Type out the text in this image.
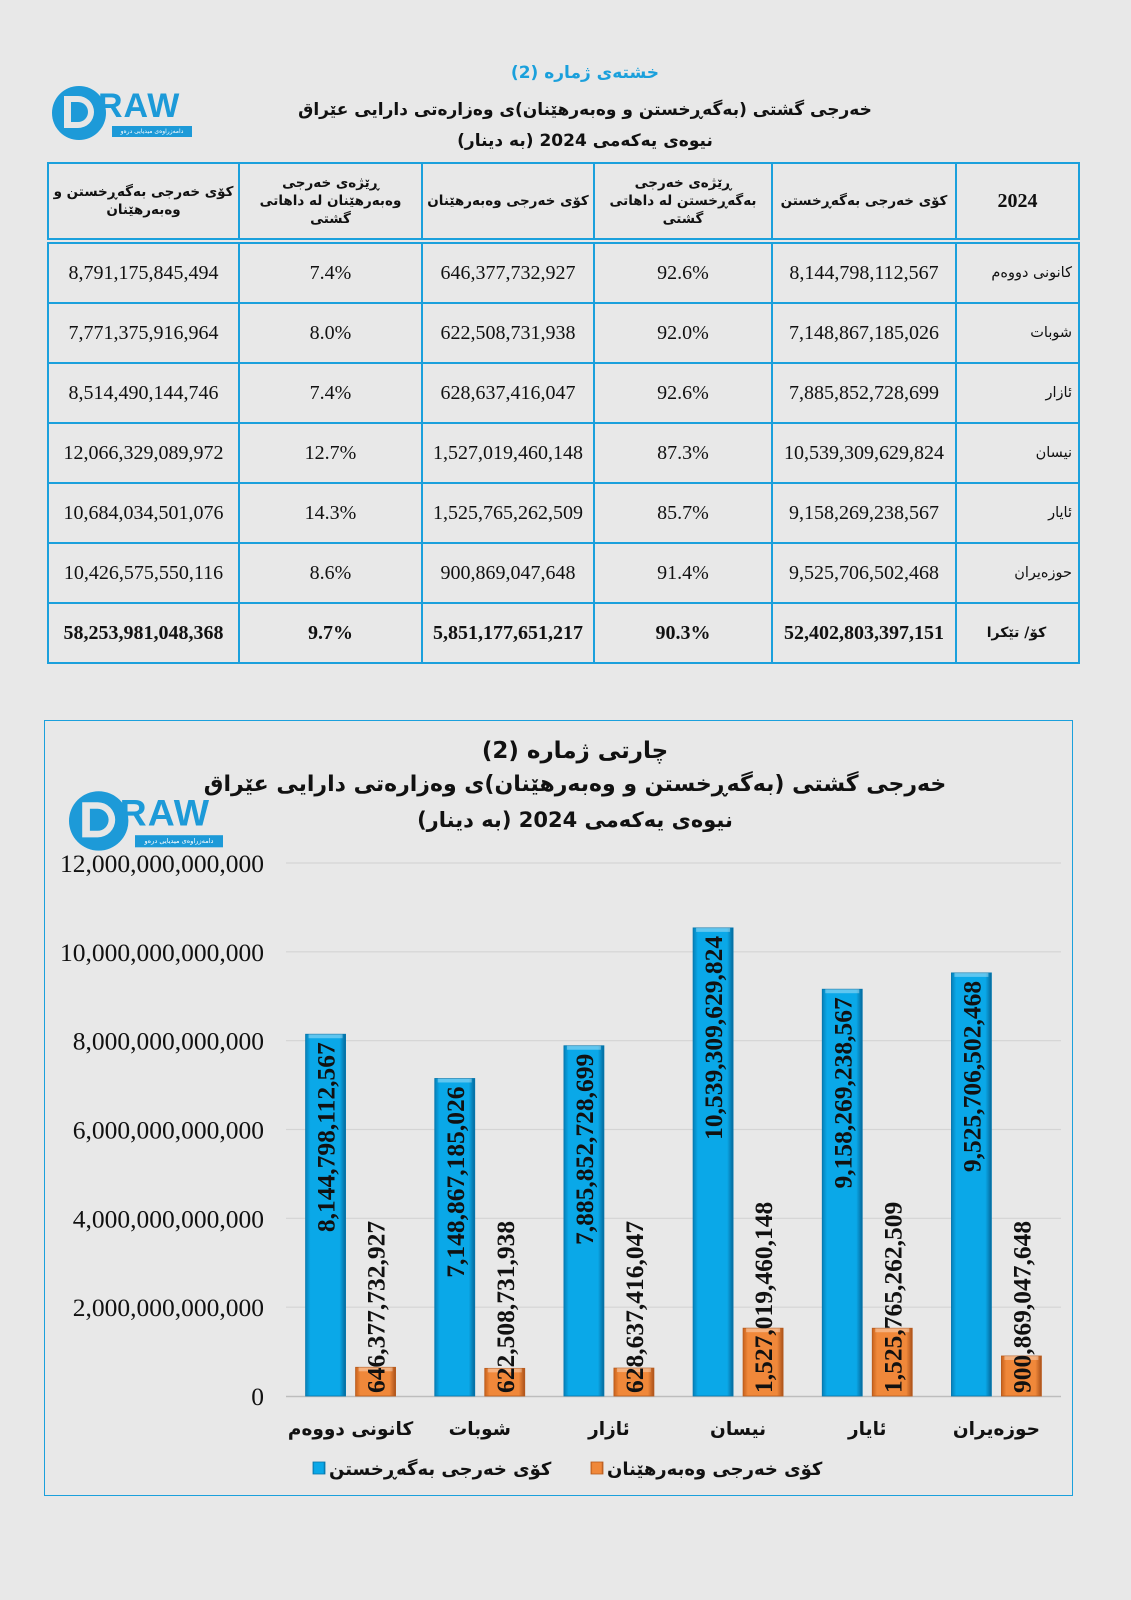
RAW
دامەزراوەی میدیایی درەو
خشتەی ژمارە (2)
خەرجی گشتی (بەگەڕخستن و وەبەرهێنان)ی وەزارەتی دارایی عێراق
نیوەی یەکەمی 2024 (بە دینار)
کۆی خەرجی بەگەڕخستن و وەبەرهێنان	ڕێژەی خەرجی وەبەرهێنان لە داهاتی گشتی	کۆی خەرجی وەبەرهێنان	ڕێژەی خەرجی بەگەڕخستن لە داهاتی گشتی	کۆی خەرجی بەگەڕخستن	2024
8,791,175,845,494	7.4%	646,377,732,927	92.6%	8,144,798,112,567	کانونی دووەم
7,771,375,916,964	8.0%	622,508,731,938	92.0%	7,148,867,185,026	شوبات
8,514,490,144,746	7.4%	628,637,416,047	92.6%	7,885,852,728,699	ئازار
12,066,329,089,972	12.7%	1,527,019,460,148	87.3%	10,539,309,629,824	نیسان
10,684,034,501,076	14.3%	1,525,765,262,509	85.7%	9,158,269,238,567	ئایار
10,426,575,550,116	8.6%	900,869,047,648	91.4%	9,525,706,502,468	حوزەیران
58,253,981,048,368	9.7%	5,851,177,651,217	90.3%	52,402,803,397,151	کۆ/ تێکرا
چارتی ژمارە (2)
خەرجی گشتی (بەگەڕخستن و وەبەرهێنان)ی وەزارەتی دارایی عێراق
نیوەی یەکەمی 2024 (بە دینار)
RAW
دامەزراوەی میدیایی درەو
0
2,000,000,000,000
4,000,000,000,000
6,000,000,000,000
8,000,000,000,000
10,000,000,000,000
12,000,000,000,000
8,144,798,112,567
646,377,732,927
کانونی دووەم
7,148,867,185,026
622,508,731,938
شوبات
7,885,852,728,699
628,637,416,047
ئازار
10,539,309,629,824
1,527,019,460,148
نیسان
9,158,269,238,567
1,525,765,262,509
ئایار
9,525,706,502,468
900,869,047,648
حوزەیران
کۆی خەرجی بەگەڕخستن	کۆی خەرجی وەبەرهێنان
